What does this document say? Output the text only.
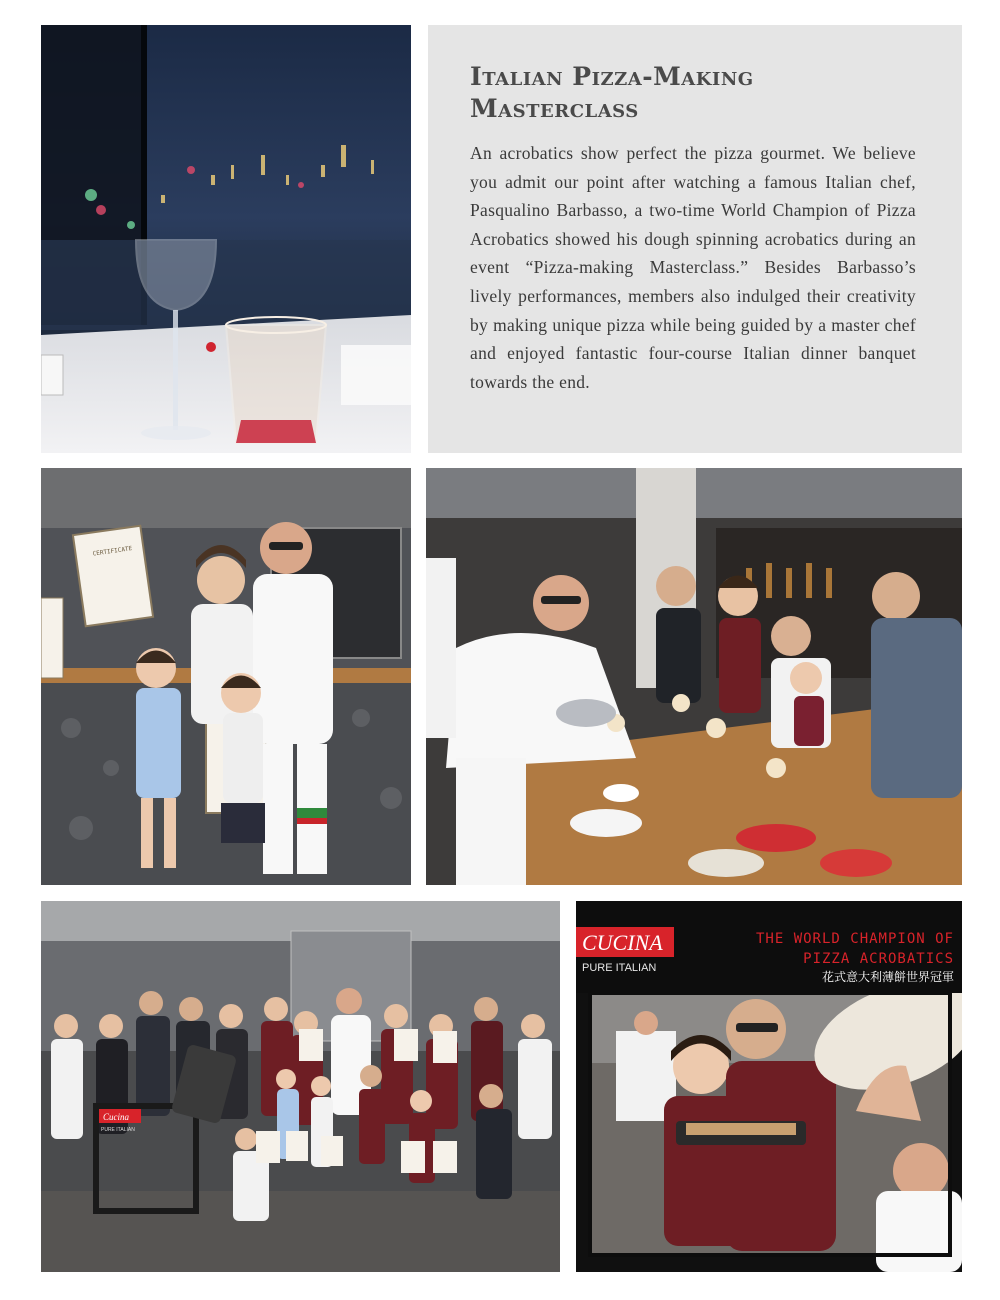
Italian Pizza-Making Masterclass

An acrobatics show perfect the pizza gourmet. We believe you admit our point after watching a famous Italian chef, Pasqualino Barbasso, a two-time World Champion of Pizza Acrobatics showed his dough spinning acrobatics during an event “Pizza-making Masterclass.” Besides Barbasso’s lively performances, members also indulged their creativity by making unique pizza while being guided by a master chef and enjoyed fantastic four-course Italian dinner banquet towards the end.

CERTIFICATE
Cucina
PURE ITALIAN
CUCINA
PURE ITALIAN
THE WORLD CHAMPION OF
PIZZA ACROBATICS
花式意大利薄餅世界冠軍
